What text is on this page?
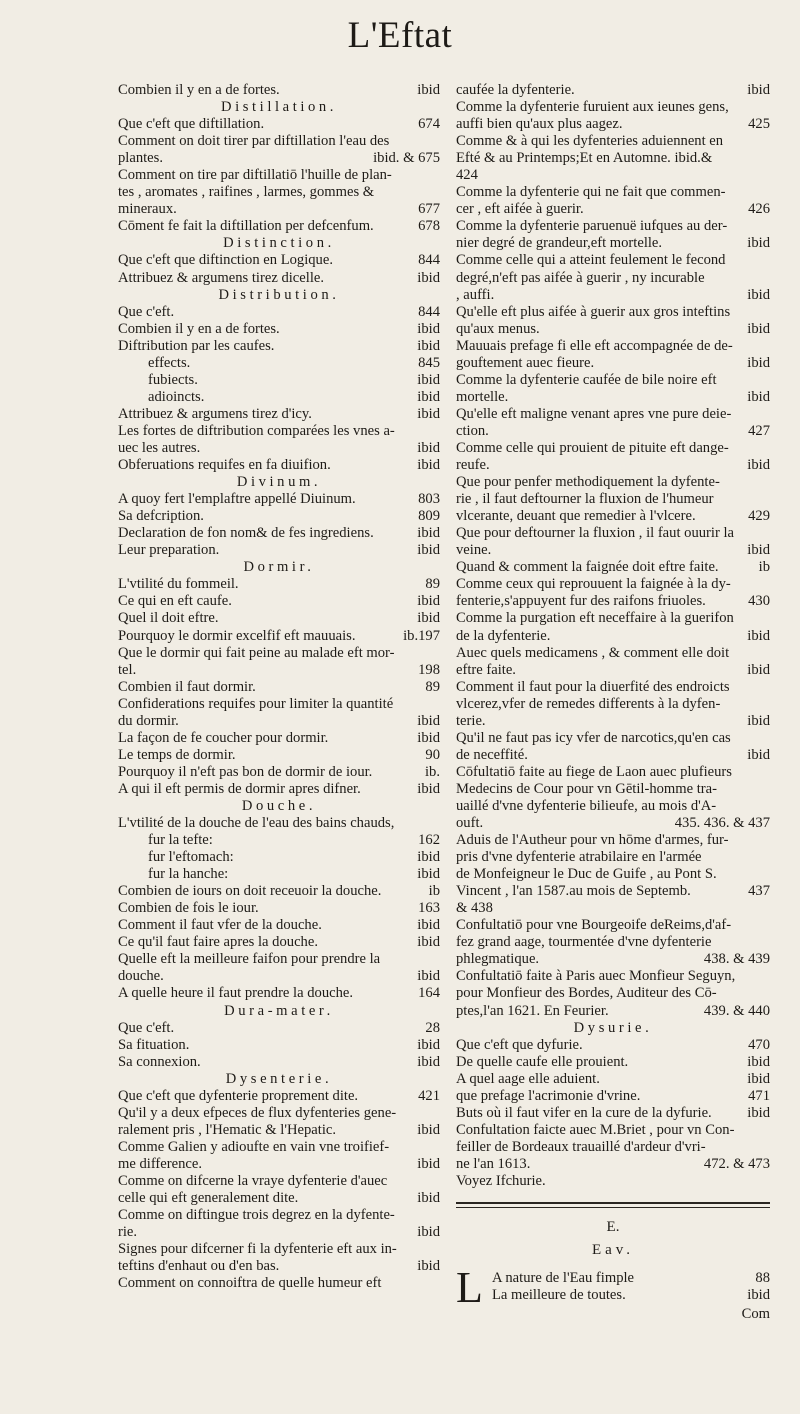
L'Eftat
Combien il y en a de fortes.	ibid
Distillation.
Que c'eft que diftillation.	674
Comment on doit tirer par diftillation l'eau des
plantes.	ibid. & 675
Comment on tire par diftillatiō l'huille de plan-
tes , aromates , raifines , larmes, gommes &
mineraux.	677
Cōment fe fait la diftillation per defcenfum.	678
Distinction.
Que c'eft que diftinction en Logique.	844
Attribuez & argumens tirez dicelle.	ibid
Distribution.
Que c'eft.	844
Combien il y en a de fortes.	ibid
Diftribution par les caufes.	ibid
effects.	845
fubiects.	ibid
adioincts.	ibid
Attribuez & argumens tirez d'icy.	ibid
Les fortes de diftribution comparées les vnes a-
uec les autres.	ibid
Obferuations requifes en fa diuifion.	ibid
Divinum.
A quoy fert l'emplaftre appellé Diuinum.	803
Sa defcription.	809
Declaration de fon nom& de fes ingrediens.	ibid
Leur preparation.	ibid
Dormir.
L'vtilité du fommeil.	89
Ce qui en eft caufe.	ibid
Quel il doit eftre.	ibid
Pourquoy le dormir excelfif eft mauuais.	ib.197
Que le dormir qui fait peine au malade eft mor-
tel.	198
Combien il faut dormir.	89
Confiderations requifes pour limiter la quantité
du dormir.	ibid
La façon de fe coucher pour dormir.	ibid
Le temps de dormir.	90
Pourquoy il n'eft pas bon de dormir de iour.	ib.
A qui il eft permis de dormir apres difner.	ibid
Douche.
L'vtilité de la douche de l'eau des bains chauds,
fur la tefte:	162
fur l'eftomach:	ibid
fur la hanche:	ibid
Combien de iours on doit receuoir la douche.	ib
Combien de fois le iour.	163
Comment il faut vfer de la douche.	ibid
Ce qu'il faut faire apres la douche.	ibid
Quelle eft la meilleure faifon pour prendre la
douche.	ibid
A quelle heure il faut prendre la douche.	164
Dura-mater.
Que c'eft.	28
Sa fituation.	ibid
Sa connexion.	ibid
Dysenterie.
Que c'eft que dyfenterie proprement dite.	421
Qu'il y a deux efpeces de flux dyfenteries gene-
ralement pris , l'Hematic & l'Hepatic.	ibid
Comme Galien y adioufte en vain vne troifief-
me difference.	ibid
Comme on difcerne la vraye dyfenterie d'auec
celle qui eft generalement dite.	ibid
Comme on diftingue trois degrez en la dyfente-
rie.	ibid
Signes pour difcerner fi la dyfenterie eft aux in-
teftins d'enhaut ou d'en bas.	ibid
Comment on connoiftra de quelle humeur eft
caufée la dyfenterie.	ibid
Comme la dyfenterie furuient aux ieunes gens,
auffi bien qu'aux plus aagez.	425
Comme & à qui les dyfenteries aduiennent en
Efté & au Printemps;Et en Automne. ibid.&
424
Comme la dyfenterie qui ne fait que commen-
cer , eft aifée à guerir.	426
Comme la dyfenterie paruenuë iufques au der-
nier degré de grandeur,eft mortelle.	ibid
Comme celle qui a atteint feulement le fecond
degré,n'eft pas aifée à guerir , ny incurable
, auffi.	ibid
Qu'elle eft plus aifée à guerir aux gros inteftins
qu'aux menus.	ibid
Mauuais prefage fi elle eft accompagnée de de-
gouftement auec fieure.	ibid
Comme la dyfenterie caufée de bile noire eft
mortelle.	ibid
Qu'elle eft maligne venant apres vne pure deie-
ction.	427
Comme celle qui prouient de pituite eft dange-
reufe.	ibid
Que pour penfer methodiquement la dyfente-
rie , il faut deftourner la fluxion de l'humeur
vlcerante, deuant que remedier à l'vlcere.	429
Que pour deftourner la fluxion , il faut ouurir la
veine.	ibid
Quand & comment la faignée doit eftre faite.	ib
Comme ceux qui reprouuent la faignée à la dy-
fenterie,s'appuyent fur des raifons friuoles.	430
Comme la purgation eft neceffaire à la guerifon
de la dyfenterie.	ibid
Auec quels medicamens , & comment elle doit
eftre faite.	ibid
Comment il faut pour la diuerfité des endroicts
vlcerez,vfer de remedes differents à la dyfen-
terie.	ibid
Qu'il ne faut pas icy vfer de narcotics,qu'en cas
de neceffité.	ibid
Cōfultatiō faite au fiege de Laon auec plufieurs
Medecins de Cour pour vn Gētil-homme tra-
uaillé d'vne dyfenterie bilieufe, au mois d'A-
ouft.	435. 436. & 437
Aduis de l'Autheur pour vn hōme d'armes, fur-
pris d'vne dyfenterie atrabilaire en l'armée
de Monfeigneur le Duc de Guife , au Pont S.
Vincent , l'an 1587.au mois de Septemb.	437
& 438
Confultatiō pour vne Bourgeoife deReims,d'af-
fez grand aage, tourmentée d'vne dyfenterie
phlegmatique.	438. & 439
Confultatiō faite à Paris auec Monfieur Seguyn,
pour Monfieur des Bordes, Auditeur des Cō-
ptes,l'an 1621. En Feurier.	439. & 440
Dysurie.
Que c'eft que dyfurie.	470
De quelle caufe elle prouient.	ibid
A quel aage elle aduient.	ibid
que prefage l'acrimonie d'vrine.	471
Buts où il faut vifer en la cure de la dyfurie.	ibid
Confultation faicte auec M.Briet , pour vn Con-
feiller de Bordeaux trauaillé d'ardeur d'vri-
ne l'an 1613.	472. & 473
Voyez Ifchurie.
E.
Eav.
L A nature de l'Eau fimple	88
La meilleure de toutes.	ibid
Com
